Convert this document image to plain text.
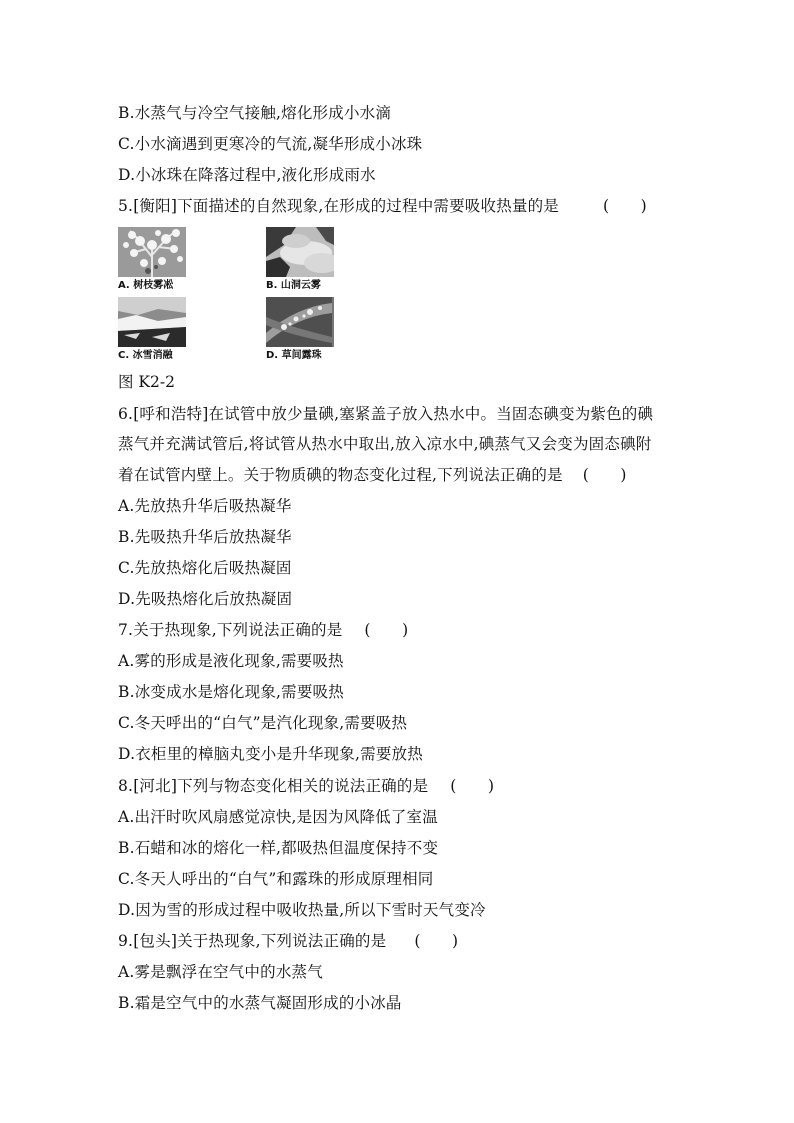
B.水蒸气与冷空气接触,熔化形成小水滴
C.小水滴遇到更寒冷的气流,凝华形成小冰珠
D.小冰珠在降落过程中,液化形成雨水
5.[衡阳]下面描述的自然现象,在形成的过程中需要吸收热量的是	(　　)
A. 树枝雾凇	B. 山洞云雾
C. 冰雪消融	D. 草间露珠
图 K2-2
6.[呼和浩特]在试管中放少量碘,塞紧盖子放入热水中。当固态碘变为紫色的碘
蒸气并充满试管后,将试管从热水中取出,放入凉水中,碘蒸气又会变为固态碘附
着在试管内壁上。关于物质碘的物态变化过程,下列说法正确的是 (　　)
A.先放热升华后吸热凝华
B.先吸热升华后放热凝华
C.先放热熔化后吸热凝固
D.先吸热熔化后放热凝固
7.关于热现象,下列说法正确的是 (　　)
A.雾的形成是液化现象,需要吸热
B.冰变成水是熔化现象,需要吸热
C.冬天呼出的“白气”是汽化现象,需要吸热
D.衣柜里的樟脑丸变小是升华现象,需要放热
8.[河北]下列与物态变化相关的说法正确的是 (　　)
A.出汗时吹风扇感觉凉快,是因为风降低了室温
B.石蜡和冰的熔化一样,都吸热但温度保持不变
C.冬天人呼出的“白气”和露珠的形成原理相同
D.因为雪的形成过程中吸收热量,所以下雪时天气变冷
9.[包头]关于热现象,下列说法正确的是 (　　)
A.雾是飘浮在空气中的水蒸气
B.霜是空气中的水蒸气凝固形成的小冰晶
